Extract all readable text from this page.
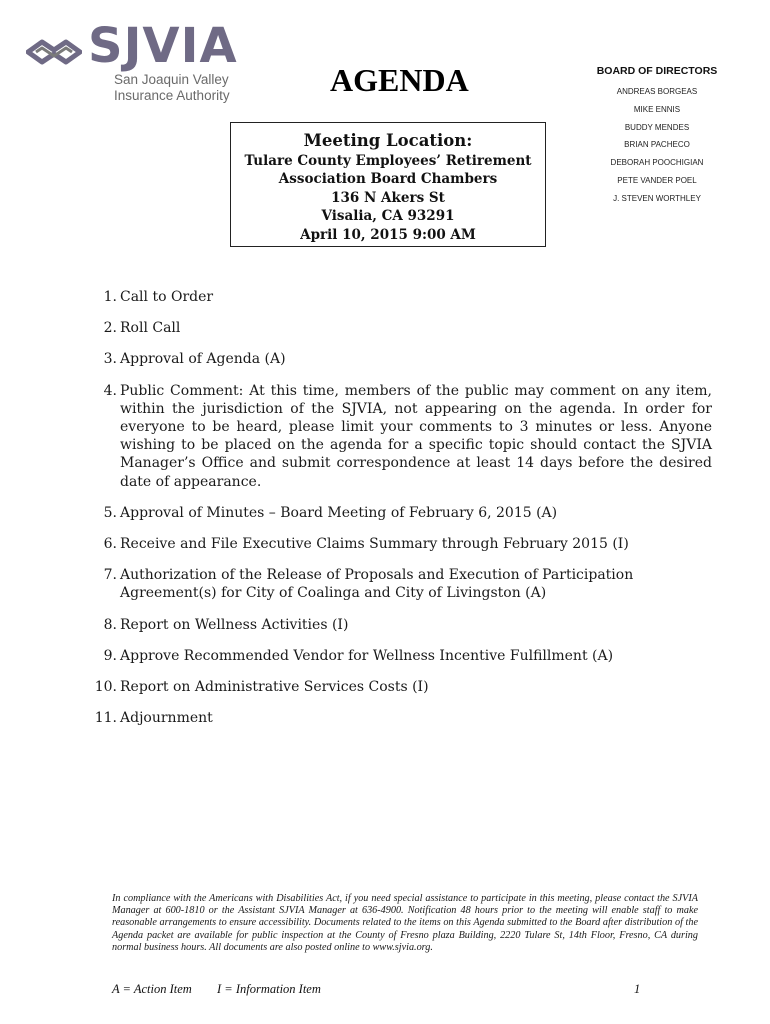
SJVIA
San Joaquin Valley
Insurance Authority	AGENDA	BOARD OF DIRECTORS
ANDREAS BORGEAS
MIKE ENNIS
BUDDY MENDES
BRIAN PACHECO
DEBORAH POOCHIGIAN
PETE VANDER POEL
J. STEVEN WORTHLEY
Meeting Location:
Tulare County Employees’ Retirement
Association Board Chambers
136 N Akers St
Visalia, CA 93291
April 10, 2015 9:00 AM
1. Call to Order
2. Roll Call
3. Approval of Agenda (A)
4. Public Comment: At this time, members of the public may comment on any item, within the jurisdiction of the SJVIA, not appearing on the agenda. In order for everyone to be heard, please limit your comments to 3 minutes or less. Anyone wishing to be placed on the agenda for a specific topic should contact the SJVIA Manager’s Office and submit correspondence at least 14 days before the desired date of appearance.
5. Approval of Minutes – Board Meeting of February 6, 2015 (A)
6. Receive and File Executive Claims Summary through February 2015 (I)
7. Authorization of the Release of Proposals and Execution of Participation Agreement(s) for City of Coalinga and City of Livingston (A)
8. Report on Wellness Activities (I)
9. Approve Recommended Vendor for Wellness Incentive Fulfillment (A)
10. Report on Administrative Services Costs (I)
11. Adjournment
In compliance with the Americans with Disabilities Act, if you need special assistance to participate in this meeting, please contact the SJVIA Manager at 600-1810 or the Assistant SJVIA Manager at 636-4900. Notification 48 hours prior to the meeting will enable staff to make reasonable arrangements to ensure accessibility. Documents related to the items on this Agenda submitted to the Board after distribution of the Agenda packet are available for public inspection at the County of Fresno plaza Building, 2220 Tulare St, 14th Floor, Fresno, CA during normal business hours. All documents are also posted online to www.sjvia.org.
A = Action Item I = Information Item	1
